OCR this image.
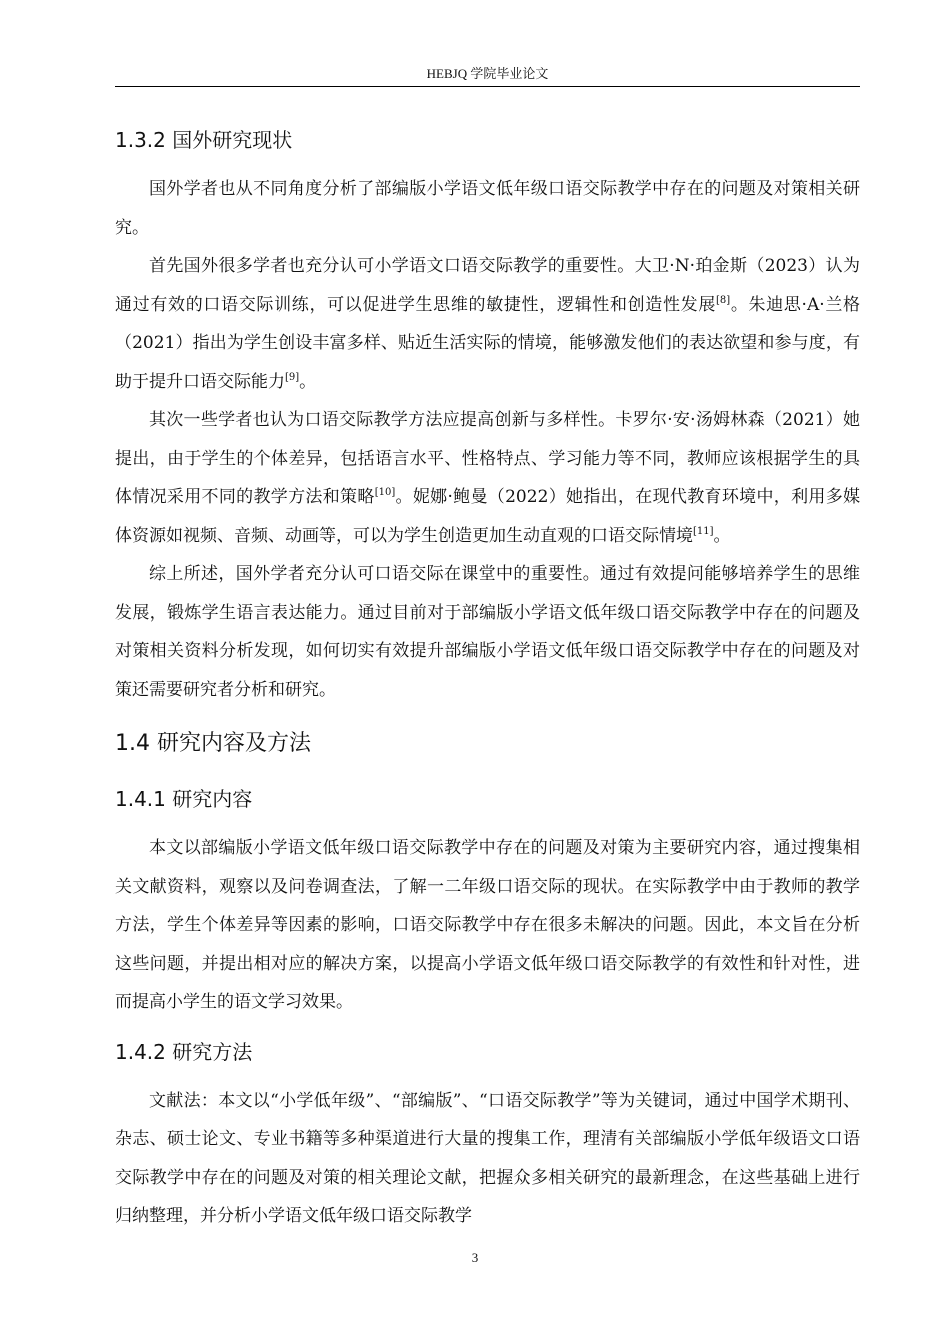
HEBJQ 学院毕业论文
1.3.2 国外研究现状

国外学者也从不同角度分析了部编版小学语文低年级口语交际教学中存在的问题及对策相关研究。

首先国外很多学者也充分认可小学语文口语交际教学的重要性。大卫·N·珀金斯（2023）认为通过有效的口语交际训练，可以促进学生思维的敏捷性，逻辑性和创造性发展[8]。朱迪思·A·兰格（2021）指出为学生创设丰富多样、贴近生活实际的情境，能够激发他们的表达欲望和参与度，有助于提升口语交际能力[9]。

其次一些学者也认为口语交际教学方法应提高创新与多样性。卡罗尔·安·汤姆林森（2021）她提出，由于学生的个体差异，包括语言水平、性格特点、学习能力等不同，教师应该根据学生的具体情况采用不同的教学方法和策略[10]。妮娜·鲍曼（2022）她指出，在现代教育环境中，利用多媒体资源如视频、音频、动画等，可以为学生创造更加生动直观的口语交际情境[11]。

综上所述，国外学者充分认可口语交际在课堂中的重要性。通过有效提问能够培养学生的思维发展，锻炼学生语言表达能力。通过目前对于部编版小学语文低年级口语交际教学中存在的问题及对策相关资料分析发现，如何切实有效提升部编版小学语文低年级口语交际教学中存在的问题及对策还需要研究者分析和研究。

1.4 研究内容及方法
1.4.1 研究内容

本文以部编版小学语文低年级口语交际教学中存在的问题及对策为主要研究内容，通过搜集相关文献资料，观察以及问卷调查法，了解一二年级口语交际的现状。在实际教学中由于教师的教学方法，学生个体差异等因素的影响，口语交际教学中存在很多未解决的问题。因此，本文旨在分析这些问题，并提出相对应的解决方案，以提高小学语文低年级口语交际教学的有效性和针对性，进而提高小学生的语文学习效果。

1.4.2 研究方法

文献法：本文以“小学低年级”、“部编版”、“口语交际教学”等为关键词，通过中国学术期刊、杂志、硕士论文、专业书籍等多种渠道进行大量的搜集工作，理清有关部编版小学低年级语文口语交际教学中存在的问题及对策的相关理论文献，把握众多相关研究的最新理念，在这些基础上进行归纳整理，并分析小学语文低年级口语交际教学

3
